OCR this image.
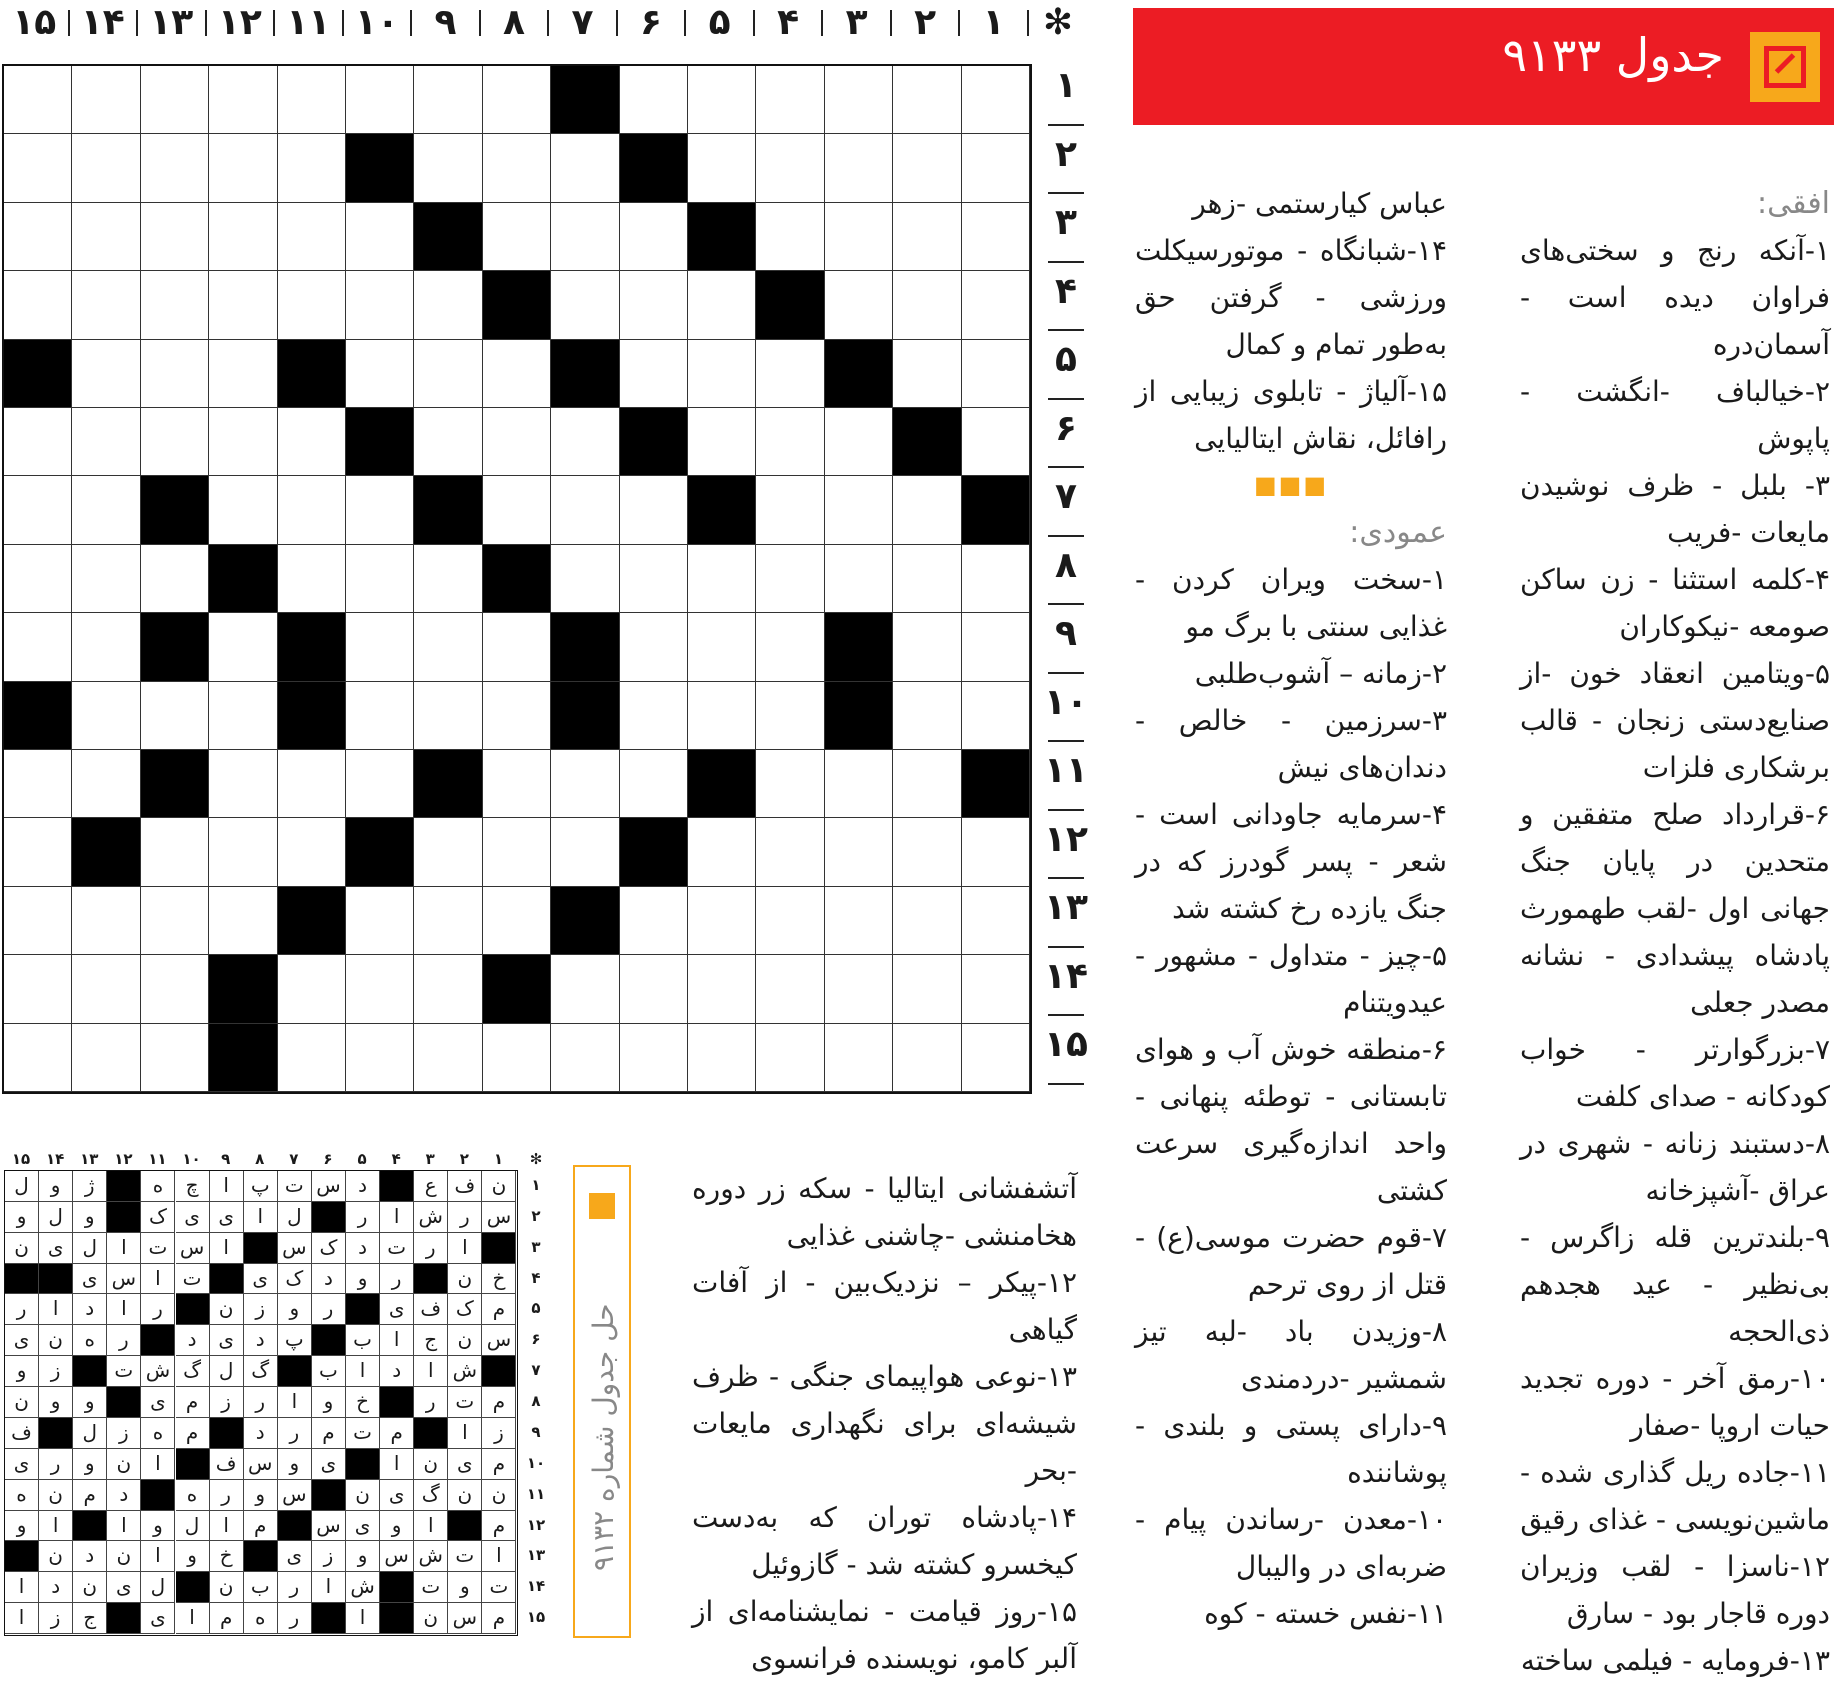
✻
۱
۲
۳
۴
۵
۶
۷
۸
۹
۱۰
۱۱
۱۲
۱۳
۱۴
۱۵
۱
۲
۳
۴
۵
۶
۷
۸
۹
۱۰
۱۱
۱۲
۱۳
۱۴
۱۵
جدول ۹۱۳۳

افقی:

۱-آنکه رنج و سختی‌های فراوان دیده است - آسمان‌دره

۲-خیالباف -انگشت - پاپوش

۳- بلبل - ظرف نوشیدن مایعات -فریب

۴-کلمه استثنا - زن ساکن صومعه -نیکوکاران

۵-ویتامین انعقاد خون -از صنایع‌دستی زنجان - قالب برشکاری فلزات

۶-قرارداد صلح متفقین و متحدین در پایان جنگ جهانی اول -لقب طهمورث پادشاه پیشدادی - نشانه مصدر جعلی

۷-بزرگوارتر - خواب کودکانه - صدای کلفت

۸-دستبند زنانه - شهری در عراق -آشپزخانه

۹-بلندترین قله زاگرس - بی‌نظیر - عید هجدهم ذی‌الحجه

۱۰-رمق آخر - دوره تجدید حیات اروپا -صفار

۱۱-جاده ریل گذاری شده - ماشین‌نویسی - غذای رقیق

۱۲-ناسزا - لقب وزیران دوره قاجار بود - سارق

۱۳-فرومایه - فیلمی ساخته

عباس کیارستمی -زهر

۱۴-شبانگاه - موتورسیکلت ورزشی - گرفتن حق به‌طور تمام و کمال

۱۵-آلیاژ - تابلوی زیبایی از رافائل، نقاش ایتالیایی

■■■

عمودی:

۱-سخت ویران کردن - غذایی سنتی با برگ مو

۲-زمانه – آشوب‌طلبی

۳-سرزمین - خالص - دندان‌های نیش

۴-سرمایه جاودانی است - شعر - پسر گودرز که در جنگ یازده رخ کشته شد

۵-چیز - متداول - مشهور - عیدویتنام

۶-منطقه خوش آب و هوای تابستانی - توطئه پنهانی - واحد اندازه‌گیری سرعت کشتی

۷-قوم حضرت موسی(ع) - قتل از روی ترحم

۸-وزیدن باد -لبه تیز شمشیر -دردمندی

۹-دارای پستی و بلندی - پوشاننده

۱۰-معدن -رساندن پیام - ضربه‌ای در والیبال

۱۱-نفس خسته - کوه

آتشفشانی ایتالیا - سکه زر دوره هخامنشی -چاشنی غذایی

۱۲-پیکر – نزدیک‌بین - از آفات گیاهی

۱۳-نوعی هواپیمای جنگی - ظرف شیشه‌ای برای نگهداری مایعات -بحر

۱۴-پادشاه توران که به‌دست کیخسرو کشته شد - گازوئیل

۱۵-روز قیامت - نمایشنامه‌ای از آلبر کامو، نویسنده فرانسوی

حل جدول شماره ۹۱۳۲
✻
۱
۲
۳
۴
۵
۶
۷
۸
۹
۱۰
۱۱
۱۲
۱۳
۱۴
۱۵
ن
ف
ع
د
س
ت
پ
ا
چ
ه
ژ
و
ل
س
ر
ش
ا
ر
ل
ا
ی
ی
ک
و
ل
و
ا
ر
ت
د
ک
س
ا
س
ت
ا
ل
ی
ن
خ
ن
ر
و
د
ک
ی
ت
ا
س
ی
م
ک
ف
ی
ر
و
ز
ن
ر
ا
د
ا
ر
س
ن
ج
ا
ب
پ
د
ی
د
ر
ه
ن
ی
ش
ا
د
ا
ب
گ
ل
گ
ش
ت
ز
و
م
ت
ر
خ
و
ا
ر
ز
م
ی
و
و
ن
ز
ا
م
ت
م
ر
د
م
ه
ز
ل
ف
م
ی
ن
ا
ی
و
س
ف
ا
ن
و
ر
ی
ن
ن
گ
ی
ن
س
و
ر
ه
د
م
ن
ه
م
ا
و
ی
س
م
ا
ل
و
ا
ا
و
ا
ت
ش
س
و
ز
ی
خ
و
ا
ن
د
ن
ت
و
ت
ش
ا
ر
ب
ن
ل
ی
ن
د
ا
م
س
ن
ا
ر
ه
م
ا
ی
ج
ز
ا
۱
۲
۳
۴
۵
۶
۷
۸
۹
۱۰
۱۱
۱۲
۱۳
۱۴
۱۵
